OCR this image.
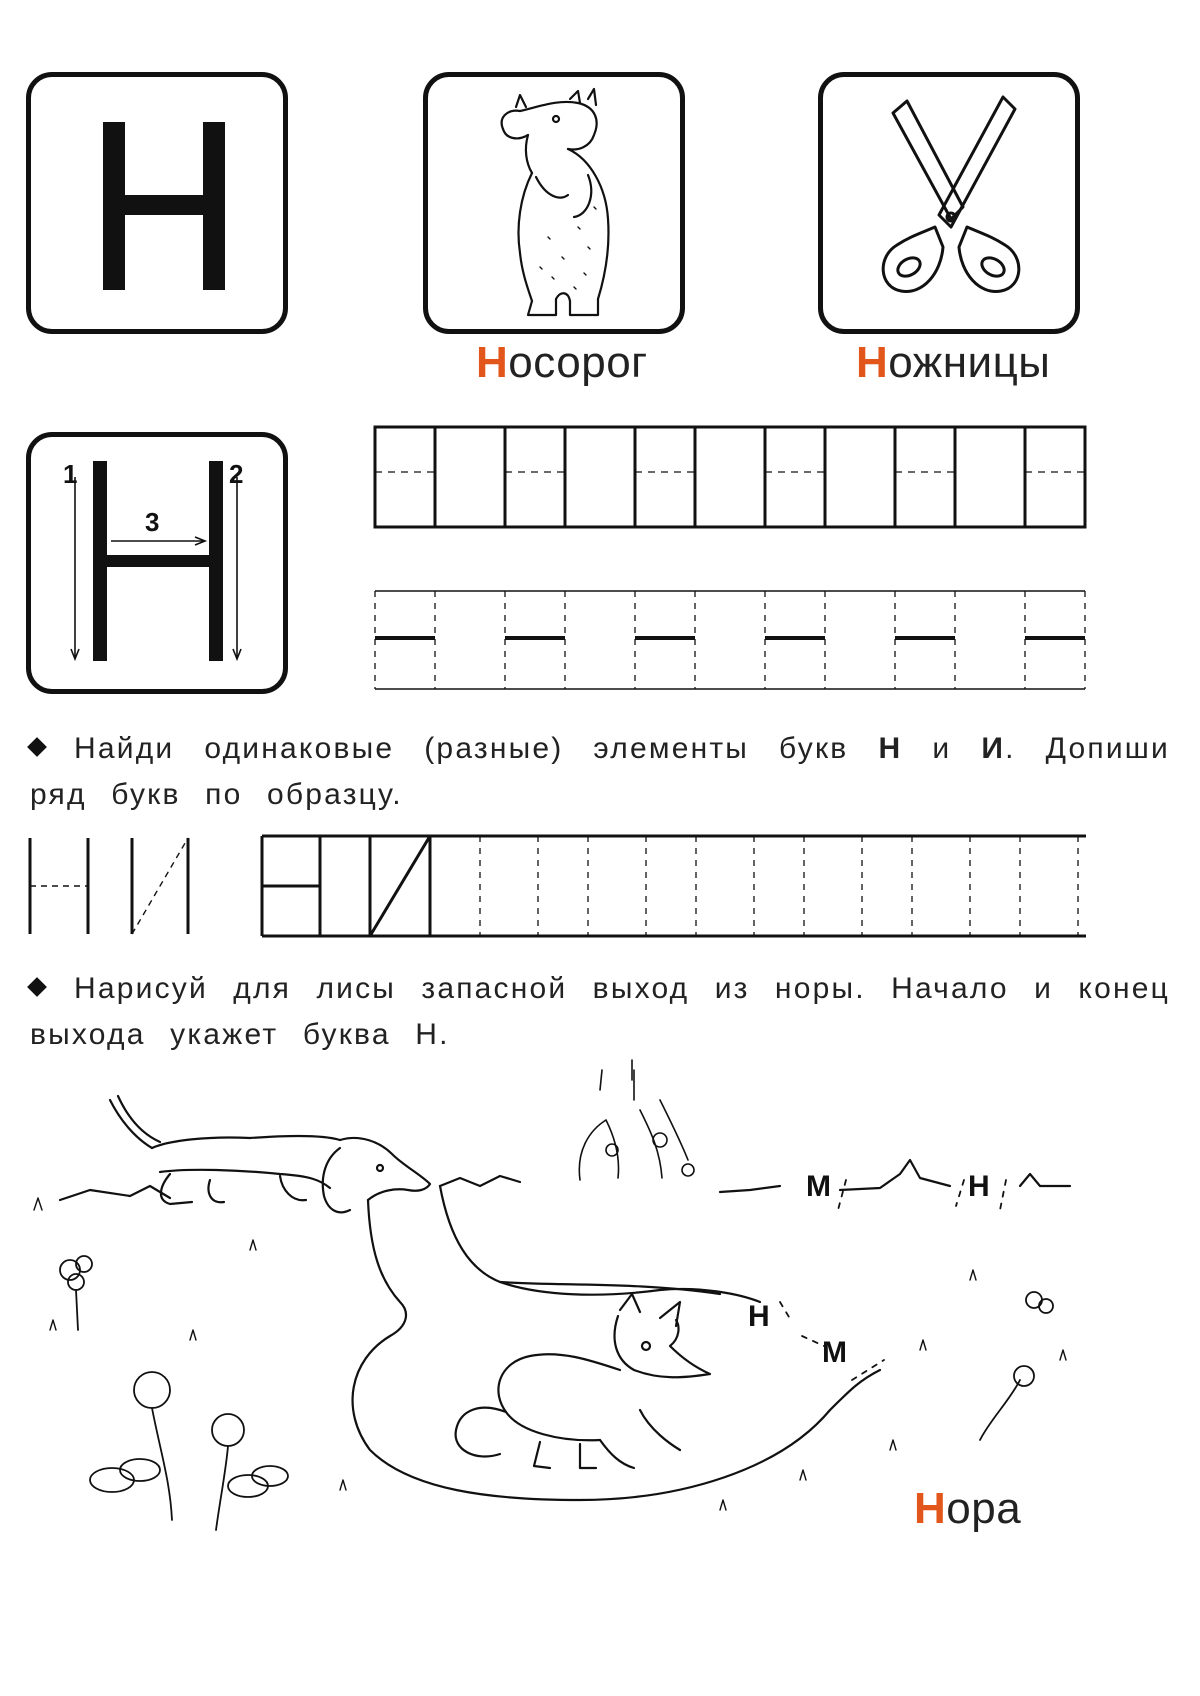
Носорог	Ножницы
1	2
3
Найди одинаковые (разные) элементы букв Н и И. Допиши ряд букв по образцу.
Нарисуй для лисы запасной выход из норы. Начало и конец выхода укажет буква Н.
М	Н
Н
М
Нора
